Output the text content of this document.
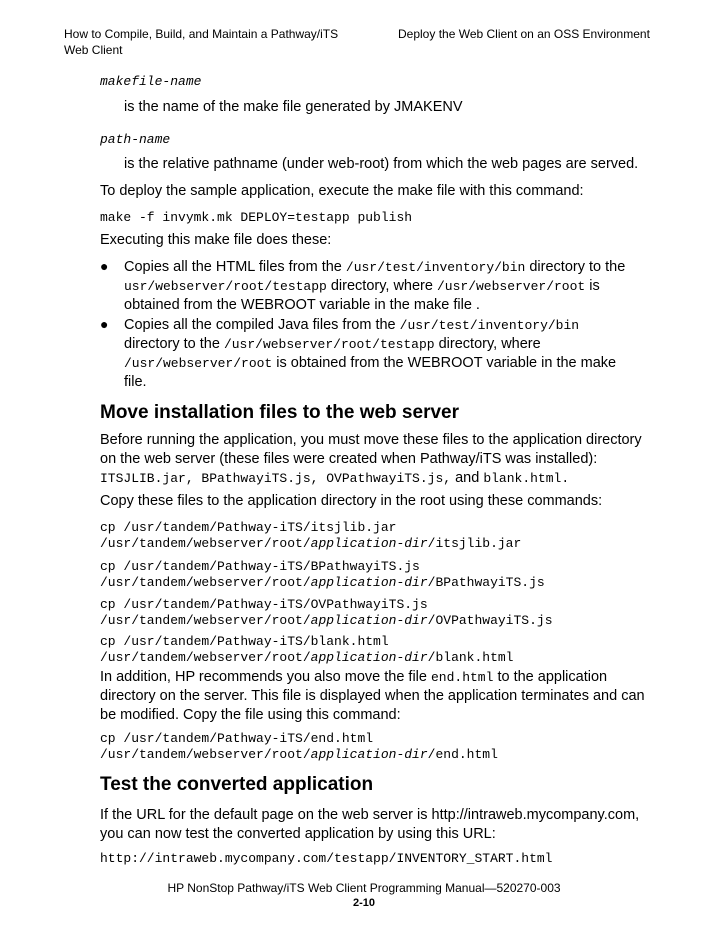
How to Compile, Build, and Maintain a Pathway/iTS Web Client
Deploy the Web Client on an OSS Environment
makefile-name
is the name of the make file generated by JMAKENV
path-name
is the relative pathname (under web-root) from which the web pages are served.
To deploy the sample application, execute the make file with this command:
make -f invymk.mk DEPLOY=testapp publish
Executing this make file does these:
● Copies all the HTML files from the /usr/test/inventory/bin directory to the
usr/webserver/root/testapp directory, where /usr/webserver/root is
obtained from the WEBROOT variable in the make file .
● Copies all the compiled Java files from the /usr/test/inventory/bin
directory to the /usr/webserver/root/testapp directory, where
/usr/webserver/root is obtained from the WEBROOT variable in the make
file.
Move installation files to the web server
Before running the application, you must move these files to the application directory
on the web server (these files were created when Pathway/iTS was installed):
ITSJLIB.jar, BPathwayiTS.js, OVPathwayiTS.js, and blank.html.
Copy these files to the application directory in the root using these commands:
cp /usr/tandem/Pathway-iTS/itsjlib.jar
/usr/tandem/webserver/root/application-dir/itsjlib.jar
cp /usr/tandem/Pathway-iTS/BPathwayiTS.js
/usr/tandem/webserver/root/application-dir/BPathwayiTS.js
cp /usr/tandem/Pathway-iTS/OVPathwayiTS.js
/usr/tandem/webserver/root/application-dir/OVPathwayiTS.js
cp /usr/tandem/Pathway-iTS/blank.html
/usr/tandem/webserver/root/application-dir/blank.html
In addition, HP recommends you also move the file end.html to the application
directory on the server. This file is displayed when the application terminates and can
be modified. Copy the file using this command:
cp /usr/tandem/Pathway-iTS/end.html
/usr/tandem/webserver/root/application-dir/end.html
Test the converted application
If the URL for the default page on the web server is http://intraweb.mycompany.com,
you can now test the converted application by using this URL:
http://intraweb.mycompany.com/testapp/INVENTORY_START.html
HP NonStop Pathway/iTS Web Client Programming Manual—520270-003
2-10
